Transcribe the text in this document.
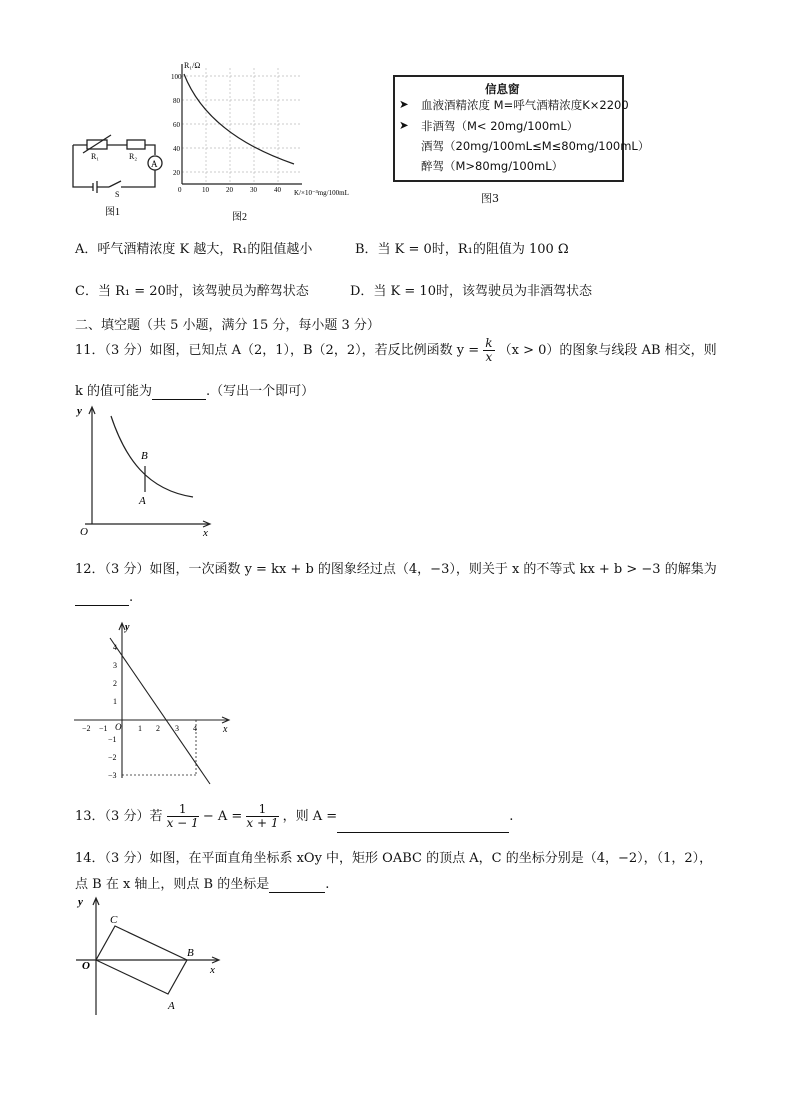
A
R₁	R₂
S
图1
R₁/Ω
100
80
60
40
20
0	10 20 30 40 K/×10⁻³mg/100mL
图2
信息窗
➤ 血液酒精浓度 M=呼气酒精浓度K×2200
➤ 非酒驾（M< 20mg/100mL）
酒驾（20mg/100mL≤M≤80mg/100mL）
醉驾（M>80mg/100mL）
图3
A．呼气酒精浓度 K 越大，R₁的阻值越小	B．当 K = 0时，R₁的阻值为 100 Ω
C．当 R₁ = 20时，该驾驶员为醉驾状态	D．当 K = 10时，该驾驶员为非酒驾状态
二、填空题（共 5 小题，满分 15 分，每小题 3 分）
11．（3 分）如图，已知点 A（2，1），B（2，2），若反比例函数 $y = \frac{k}{x} (x > 0)$的图象与线段 AB 相交，则
k 的值可能为	.（写出一个即可）
y
x
O
B
A
12．（3 分）如图，一次函数 y = kx + b 的图象经过点（4，−3），则关于 x 的不等式 kx + b > −3 的解集为
.
y
x
O
−2 −1	1 2 3 4
4
3
2
1
−1
−2
−3
13．（3 分）若 $\frac{1}{x - 1} - A = \frac{1}{x + 1}$ ，则 A =	.
14．（3 分）如图，在平面直角坐标系 xOy 中，矩形 OABC 的顶点 A，C 的坐标分别是（4，−2），（1，2），
点 B 在 x 轴上，则点 B 的坐标是	.
y
x
O
C
B
A
